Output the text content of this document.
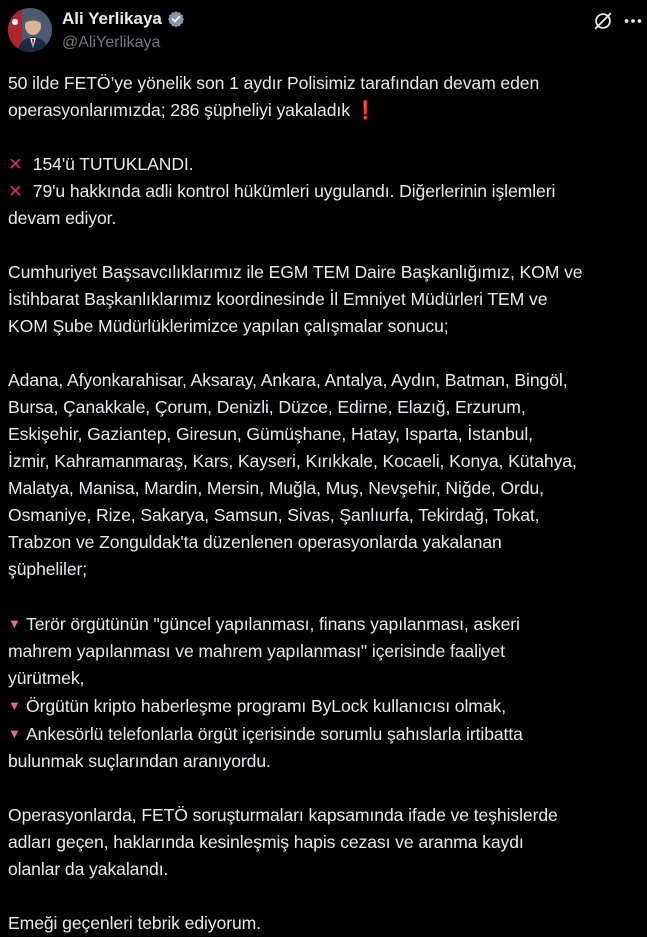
Ali Yerlikaya
@AliYerlikaya

50 ilde FETÖ’ye yönelik son 1 aydır Polisimiz tarafından devam eden

operasyonlarımızda; 286 şüpheliyi yakaladık ❗

✕ 154'ü TUTUKLANDI.

✕ 79'u hakkında adli kontrol hükümleri uygulandı. Diğerlerinin işlemleri

devam ediyor.

Cumhuriyet Başsavcılıklarımız ile EGM TEM Daire Başkanlığımız, KOM ve

İstihbarat Başkanlıklarımız koordinesinde İl Emniyet Müdürleri TEM ve

KOM Şube Müdürlüklerimizce yapılan çalışmalar sonucu;

Adana, Afyonkarahisar, Aksaray, Ankara, Antalya, Aydın, Batman, Bingöl,

Bursa, Çanakkale, Çorum, Denizli, Düzce, Edirne, Elazığ, Erzurum,

Eskişehir, Gaziantep, Giresun, Gümüşhane, Hatay, Isparta, İstanbul,

İzmir, Kahramanmaraş, Kars, Kayseri, Kırıkkale, Kocaeli, Konya, Kütahya,

Malatya, Manisa, Mardin, Mersin, Muğla, Muş, Nevşehir, Niğde, Ordu,

Osmaniye, Rize, Sakarya, Samsun, Sivas, Şanlıurfa, Tekirdağ, Tokat,

Trabzon ve Zonguldak'ta düzenlenen operasyonlarda yakalanan

şüpheliler;

▼ Terör örgütünün "güncel yapılanması, finans yapılanması, askeri

mahrem yapılanması ve mahrem yapılanması" içerisinde faaliyet

yürütmek,

▼ Örgütün kripto haberleşme programı ByLock kullanıcısı olmak,

▼ Ankesörlü telefonlarla örgüt içerisinde sorumlu şahıslarla irtibatta

bulunmak suçlarından aranıyordu.

Operasyonlarda, FETÖ soruşturmaları kapsamında ifade ve teşhislerde

adları geçen, haklarında kesinleşmiş hapis cezası ve aranma kaydı

olanlar da yakalandı.

Emeği geçenleri tebrik ediyorum.
